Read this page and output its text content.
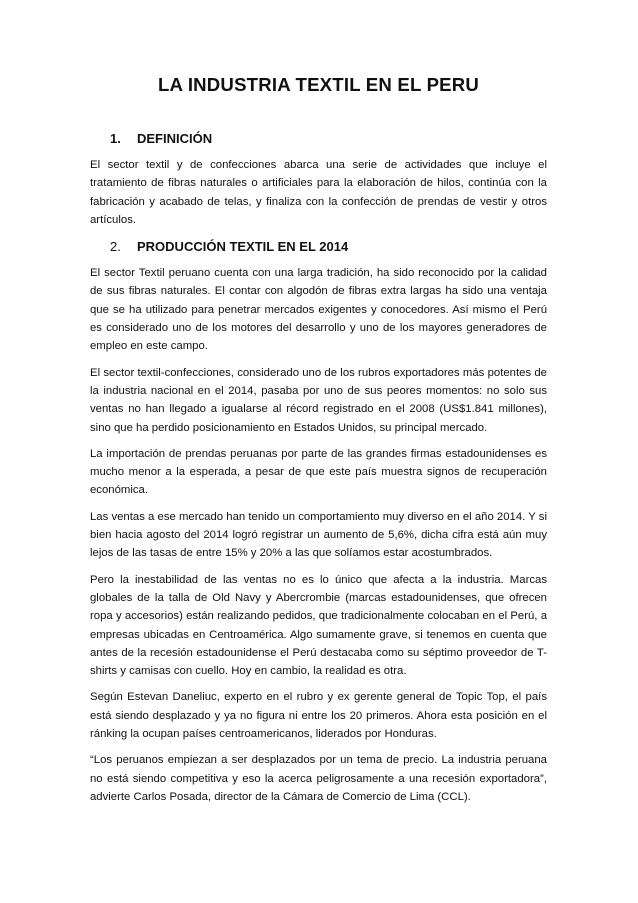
LA INDUSTRIA TEXTIL EN EL PERU
1.	DEFINICIÓN

El sector textil y de confecciones abarca una serie de actividades que incluye el tratamiento de fibras naturales o artificiales para la elaboración de hilos, continúa con la fabricación y acabado de telas, y finaliza con la confección de prendas de vestir y otros artículos.

2.	PRODUCCIÓN TEXTIL EN EL 2014

El sector Textil peruano cuenta con una larga tradición, ha sido reconocido por la calidad de sus fibras naturales. El contar con algodón de fibras extra largas ha sido una ventaja que se ha utilizado para penetrar mercados exigentes y conocedores. Así mismo el Perú es considerado uno de los motores del desarrollo y uno de los mayores generadores de empleo en este campo.

El sector textil-confecciones, considerado uno de los rubros exportadores más potentes de la industria nacional en el 2014, pasaba por uno de sus peores momentos: no solo sus ventas no han llegado a igualarse al récord registrado en el 2008 (US$1.841 millones), sino que ha perdido posicionamiento en Estados Unidos, su principal mercado.

La importación de prendas peruanas por parte de las grandes firmas estadounidenses es mucho menor a la esperada, a pesar de que este país muestra signos de recuperación económica.

Las ventas a ese mercado han tenido un comportamiento muy diverso en el año 2014. Y si bien hacia agosto del 2014 logró registrar un aumento de 5,6%, dicha cifra está aún muy lejos de las tasas de entre 15% y 20% a las que solíamos estar acostumbrados.

Pero la inestabilidad de las ventas no es lo único que afecta a la industria. Marcas globales de la talla de Old Navy y Abercrombie (marcas estadounidenses, que ofrecen ropa y accesorios) están realizando pedidos, que tradicionalmente colocaban en el Perú, a empresas ubicadas en Centroamérica. Algo sumamente grave, si tenemos en cuenta que antes de la recesión estadounidense el Perú destacaba como su séptimo proveedor de T-shirts y camisas con cuello. Hoy en cambio, la realidad es otra.

Según Estevan Daneliuc, experto en el rubro y ex gerente general de Topic Top, el país está siendo desplazado y ya no figura ni entre los 20 primeros. Ahora esta posición en el ránking la ocupan países centroamericanos, liderados por Honduras.

“Los peruanos empiezan a ser desplazados por un tema de precio. La industria peruana no está siendo competitiva y eso la acerca peligrosamente a una recesión exportadora”, advierte Carlos Posada, director de la Cámara de Comercio de Lima (CCL).
